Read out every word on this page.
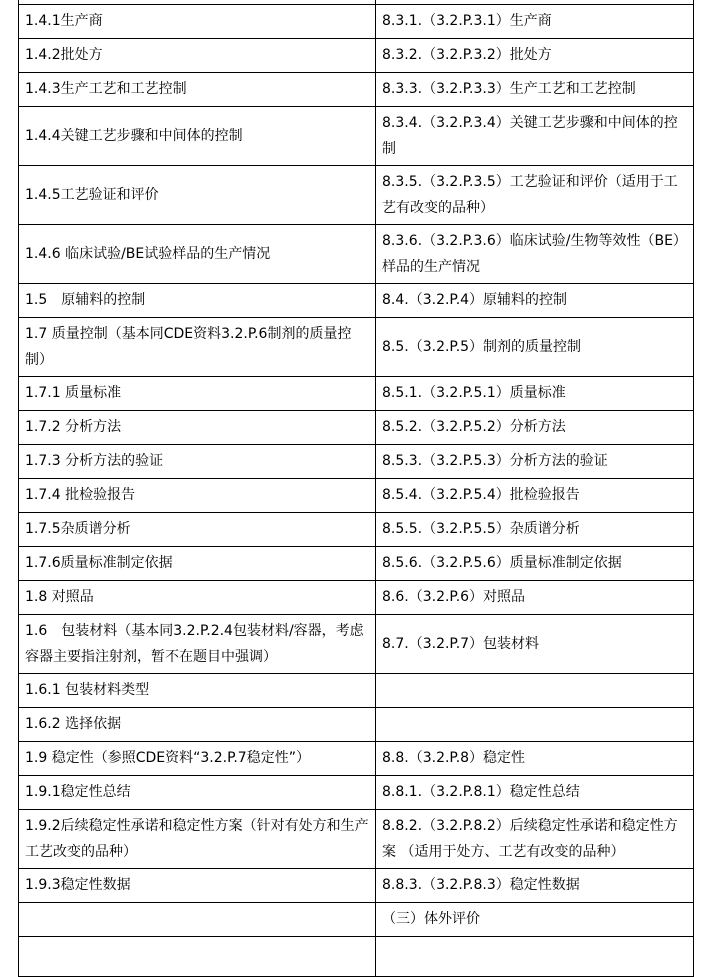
1.4.1生产商	8.3.1.（3.2.P.3.1）生产商
1.4.2批处方	8.3.2.（3.2.P.3.2）批处方
1.4.3生产工艺和工艺控制	8.3.3.（3.2.P.3.3）生产工艺和工艺控制
1.4.4关键工艺步骤和中间体的控制	8.3.4.（3.2.P.3.4）关键工艺步骤和中间体的控制
1.4.5工艺验证和评价	8.3.5.（3.2.P.3.5）工艺验证和评价（适用于工艺有改变的品种）
1.4.6 临床试验/BE试验样品的生产情况	8.3.6.（3.2.P.3.6）临床试验/生物等效性（BE）样品的生产情况
1.5　原辅料的控制	8.4.（3.2.P.4）原辅料的控制
1.7 质量控制（基本同CDE资料3.2.P.6制剂的质量控制）	8.5.（3.2.P.5）制剂的质量控制
1.7.1 质量标准	8.5.1.（3.2.P.5.1）质量标准
1.7.2 分析方法	8.5.2.（3.2.P.5.2）分析方法
1.7.3 分析方法的验证	8.5.3.（3.2.P.5.3）分析方法的验证
1.7.4 批检验报告	8.5.4.（3.2.P.5.4）批检验报告
1.7.5杂质谱分析	8.5.5.（3.2.P.5.5）杂质谱分析
1.7.6质量标准制定依据	8.5.6.（3.2.P.5.6）质量标准制定依据
1.8 对照品	8.6.（3.2.P.6）对照品
1.6　包装材料（基本同3.2.P.2.4包装材料/容器，考虑容器主要指注射剂，暂不在题目中强调）	8.7.（3.2.P.7）包装材料
1.6.1 包装材料类型	
1.6.2 选择依据	
1.9 稳定性（参照CDE资料“3.2.P.7稳定性”）	8.8.（3.2.P.8）稳定性
1.9.1稳定性总结	8.8.1.（3.2.P.8.1）稳定性总结
1.9.2后续稳定性承诺和稳定性方案（针对有处方和生产工艺改变的品种）	8.8.2.（3.2.P.8.2）后续稳定性承诺和稳定性方案 （适用于处方、工艺有改变的品种）
1.9.3稳定性数据	8.8.3.（3.2.P.8.3）稳定性数据
	（三）体外评价
